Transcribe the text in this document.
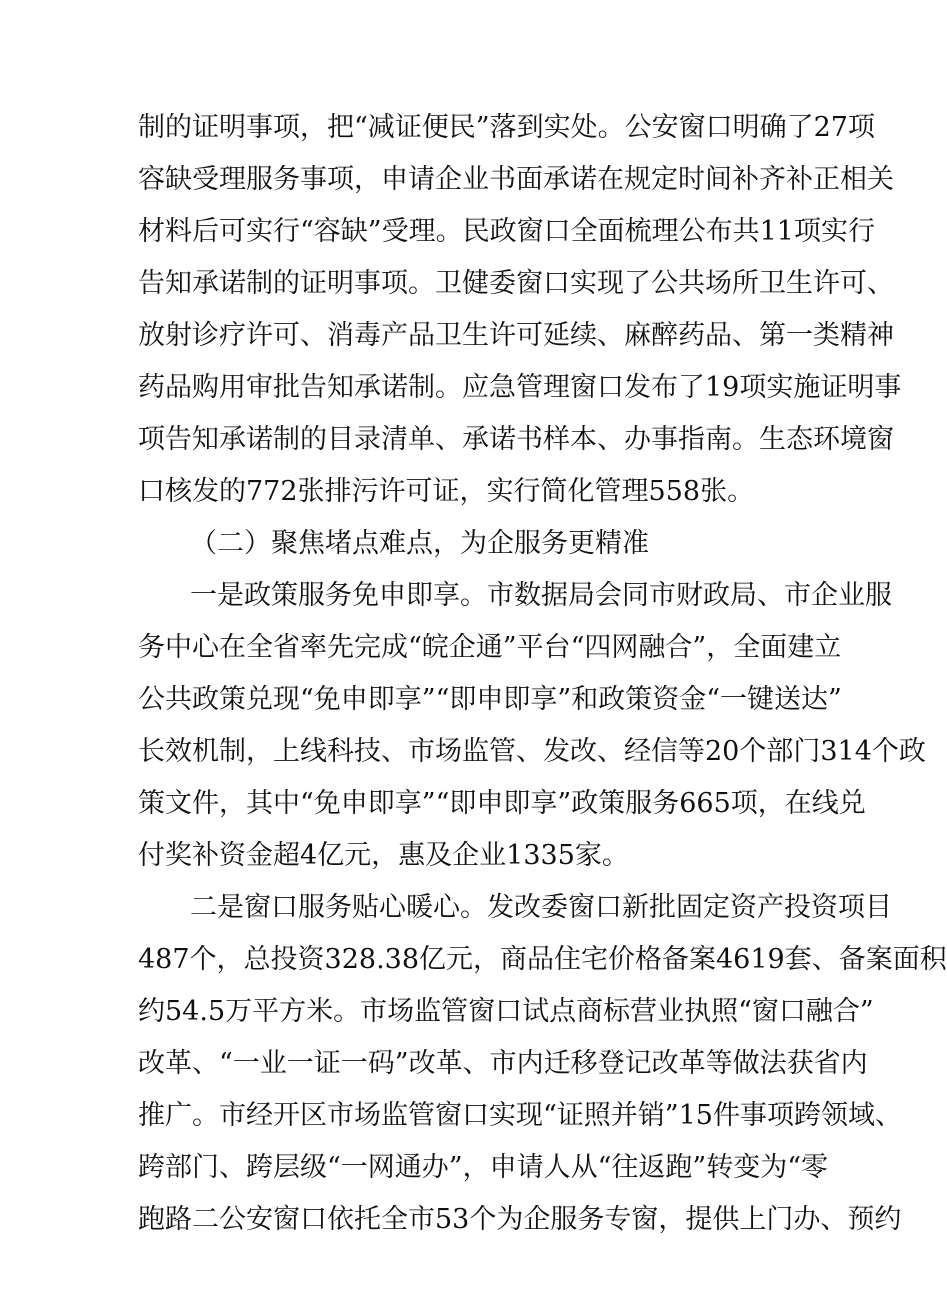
制的证明事项，把“减证便民”落到实处。公安窗口明确了27项
容缺受理服务事项，申请企业书面承诺在规定时间补齐补正相关
材料后可实行“容缺”受理。民政窗口全面梳理公布共11项实行
告知承诺制的证明事项。卫健委窗口实现了公共场所卫生许可、
放射诊疗许可、消毒产品卫生许可延续、麻醉药品、第一类精神
药品购用审批告知承诺制。应急管理窗口发布了19项实施证明事
项告知承诺制的目录清单、承诺书样本、办事指南。生态环境窗
口核发的772张排污许可证，实行简化管理558张。
（二）聚焦堵点难点，为企服务更精准
一是政策服务免申即享。市数据局会同市财政局、市企业服
务中心在全省率先完成“皖企通”平台“四网融合”，全面建立
公共政策兑现“免申即享”“即申即享”和政策资金“一键送达”
长效机制，上线科技、市场监管、发改、经信等20个部门314个政
策文件，其中“免申即享”“即申即享”政策服务665项，在线兑
付奖补资金超4亿元，惠及企业1335家。
二是窗口服务贴心暖心。发改委窗口新批固定资产投资项目
487个，总投资328.38亿元，商品住宅价格备案4619套、备案面积
约54.5万平方米。市场监管窗口试点商标营业执照“窗口融合”
改革、“一业一证一码”改革、市内迁移登记改革等做法获省内
推广。市经开区市场监管窗口实现“证照并销”15件事项跨领域、
跨部门、跨层级“一网通办”，申请人从“往返跑”转变为“零
跑路二公安窗口依托全市53个为企服务专窗，提供上门办、预约
